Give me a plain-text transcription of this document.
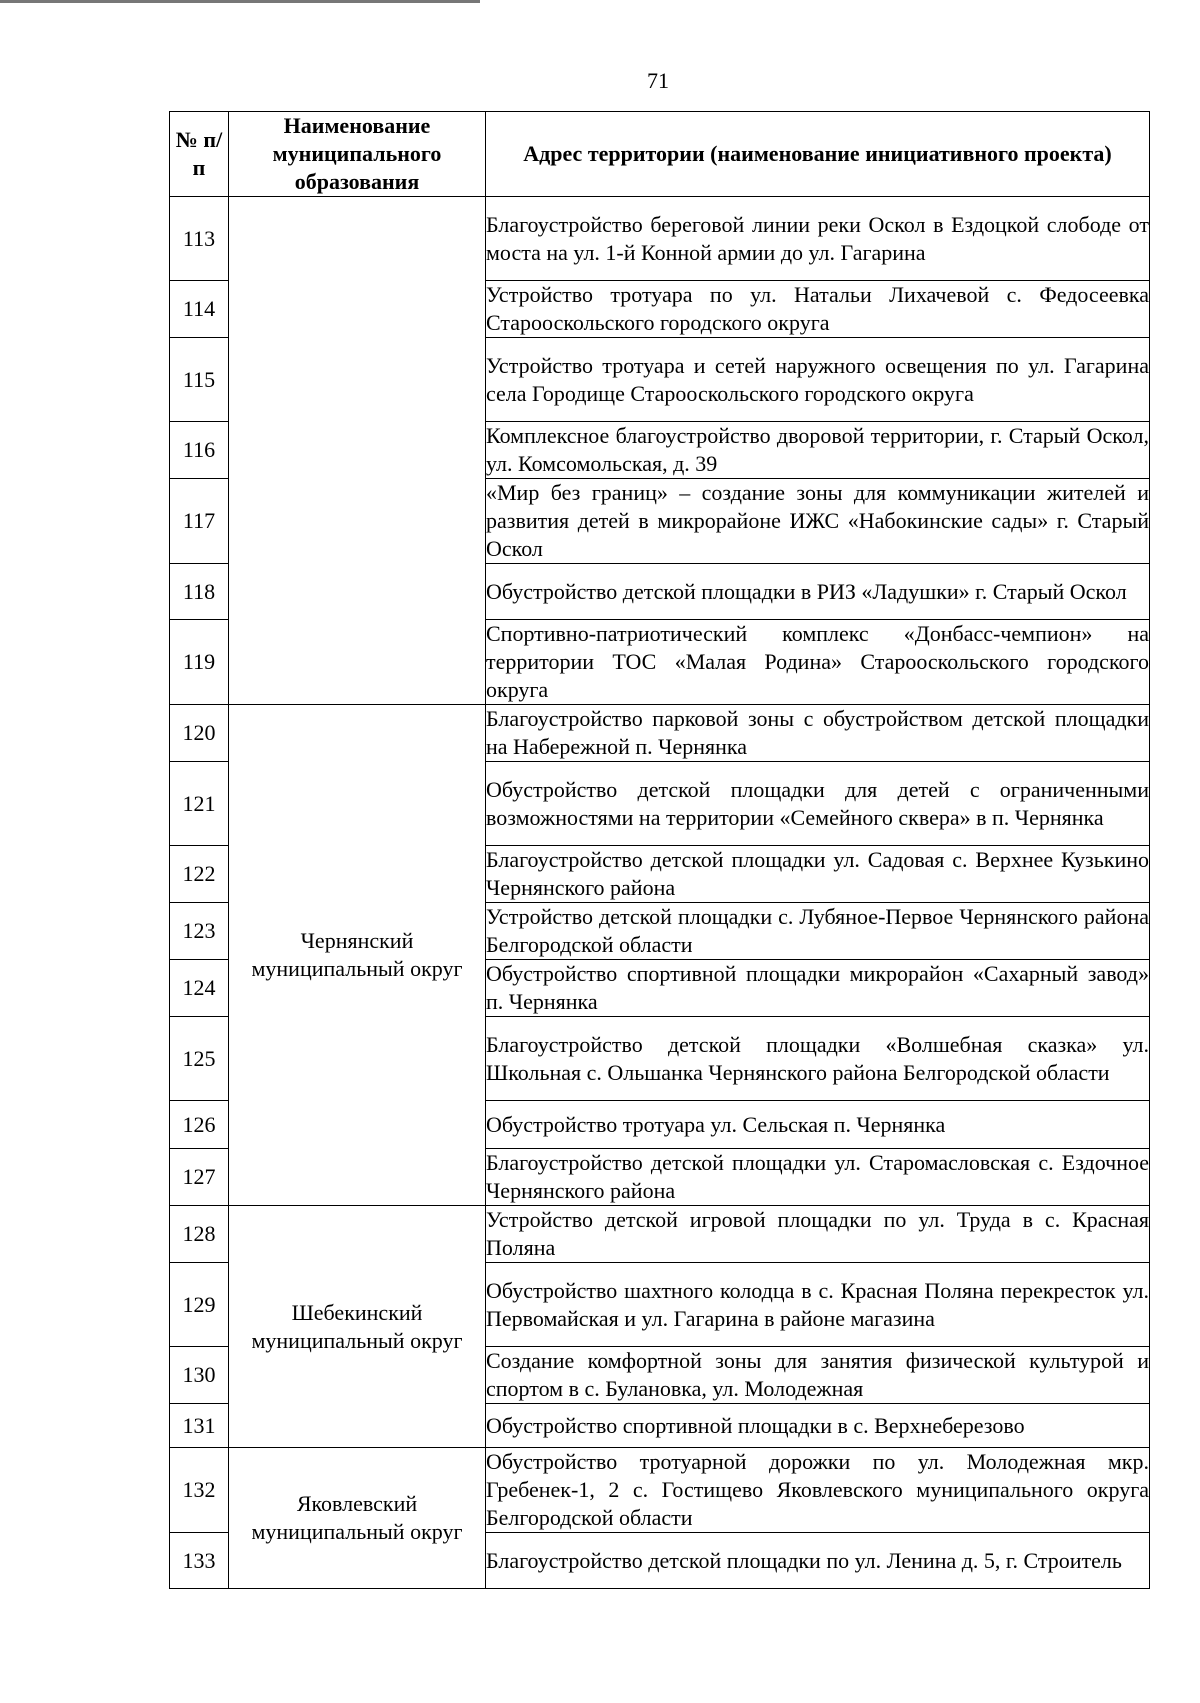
71
№ п/п	Наименование муниципального образования	Адрес территории (наименование инициативного проекта)
113		Благоустройство береговой линии реки Оскол в Ездоцкой слободе от моста на ул. 1-й Конной армии до ул. Гагарина
114		Устройство тротуара по ул. Натальи Лихачевой с. Федосеевка Старооскольского городского округа
115		Устройство тротуара и сетей наружного освещения по ул. Гагарина села Городище Старооскольского городского округа
116		Комплексное благоустройство дворовой территории, г. Старый Оскол, ул. Комсомольская, д. 39
117		«Мир без границ» – создание зоны для коммуникации жителей и развития детей в микрорайоне ИЖС «Набокинские сады» г. Старый Оскол
118		Обустройство детской площадки в РИЗ «Ладушки» г. Старый Оскол
119		Спортивно-патриотический комплекс «Донбасс-чемпион» на территории ТОС «Малая Родина» Старооскольского городского округа
120	Чернянский муниципальный округ	Благоустройство парковой зоны с обустройством детской площадки на Набережной п. Чернянка
121		Обустройство детской площадки для детей с ограниченными возможностями на территории «Семейного сквера» в п. Чернянка
122		Благоустройство детской площадки ул. Садовая с. Верхнее Кузькино Чернянского района
123		Устройство детской площадки с. Лубяное-Первое Чернянского района Белгородской области
124		Обустройство спортивной площадки микрорайон «Сахарный завод» п. Чернянка
125		Благоустройство детской площадки «Волшебная сказка» ул. Школьная с. Ольшанка Чернянского района Белгородской области
126		Обустройство тротуара ул. Сельская п. Чернянка
127		Благоустройство детской площадки ул. Старомасловская с. Ездочное Чернянского района
128	Шебекинский муниципальный округ	Устройство детской игровой площадки по ул. Труда в с. Красная Поляна
129		Обустройство шахтного колодца в с. Красная Поляна перекресток ул. Первомайская и ул. Гагарина в районе магазина
130		Создание комфортной зоны для занятия физической культурой и спортом в с. Булановка, ул. Молодежная
131		Обустройство спортивной площадки в с. Верхнеберезово
132	Яковлевский муниципальный округ	Обустройство тротуарной дорожки по ул. Молодежная мкр. Гребенек-1, 2 с. Гостищево Яковлевского муниципального округа Белгородской области
133		Благоустройство детской площадки по ул. Ленина д. 5, г. Строитель
